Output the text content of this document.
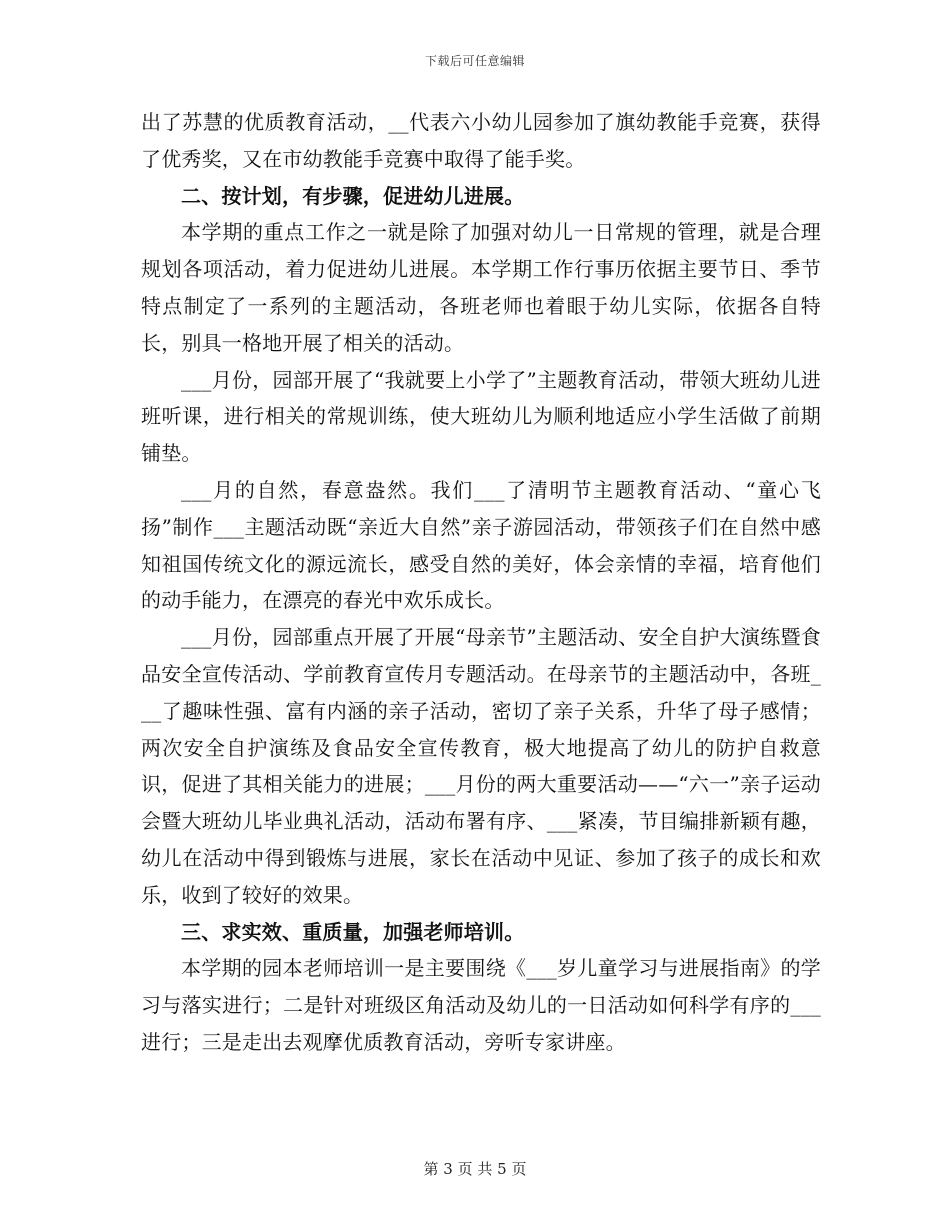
下载后可任意编辑

出了苏慧的优质教育活动，__代表六小幼儿园参加了旗幼教能手竞赛，获得了优秀奖，又在市幼教能手竞赛中取得了能手奖。

二、按计划，有步骤，促进幼儿进展。

本学期的重点工作之一就是除了加强对幼儿一日常规的管理，就是合理规划各项活动，着力促进幼儿进展。本学期工作行事历依据主要节日、季节特点制定了一系列的主题活动，各班老师也着眼于幼儿实际，依据各自特长，别具一格地开展了相关的活动。

___月份，园部开展了“我就要上小学了”主题教育活动，带领大班幼儿进班听课，进行相关的常规训练，使大班幼儿为顺利地适应小学生活做了前期铺垫。

___月的自然，春意盎然。我们___了清明节主题教育活动、“童心飞扬”制作___主题活动既“亲近大自然”亲子游园活动，带领孩子们在自然中感知祖国传统文化的源远流长，感受自然的美好，体会亲情的幸福，培育他们的动手能力，在漂亮的春光中欢乐成长。

___月份，园部重点开展了开展“母亲节”主题活动、安全自护大演练暨食品安全宣传活动、学前教育宣传月专题活动。在母亲节的主题活动中，各班___了趣味性强、富有内涵的亲子活动，密切了亲子关系，升华了母子感情；两次安全自护演练及食品安全宣传教育，极大地提高了幼儿的防护自救意识，促进了其相关能力的进展；___月份的两大重要活动——“六一”亲子运动会暨大班幼儿毕业典礼活动，活动布署有序、___紧凑，节目编排新颖有趣，幼儿在活动中得到锻炼与进展，家长在活动中见证、参加了孩子的成长和欢乐，收到了较好的效果。

三、求实效、重质量，加强老师培训。

本学期的园本老师培训一是主要围绕《___岁儿童学习与进展指南》的学习与落实进行；二是针对班级区角活动及幼儿的一日活动如何科学有序的___进行；三是走出去观摩优质教育活动，旁听专家讲座。

第 3 页 共 5 页
